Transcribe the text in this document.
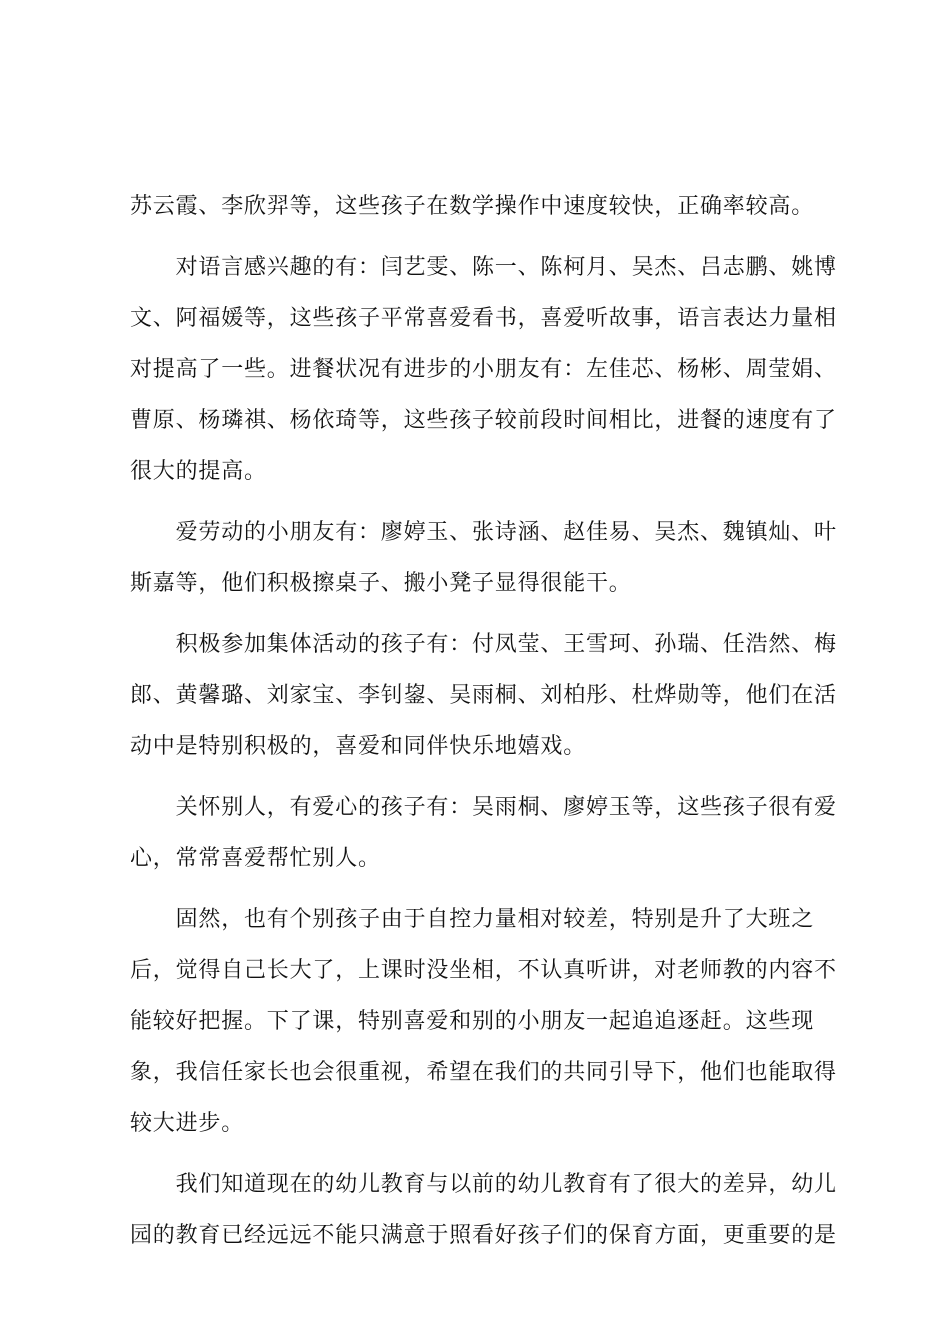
苏云霞、李欣羿等，这些孩子在数学操作中速度较快，正确率较高。
　　对语言感兴趣的有：闫艺雯、陈一、陈柯月、吴杰、吕志鹏、姚博
文、阿福媛等，这些孩子平常喜爱看书，喜爱听故事，语言表达力量相
对提高了一些。进餐状况有进步的小朋友有：左佳芯、杨彬、周莹娟、
曹原、杨璘祺、杨依琦等，这些孩子较前段时间相比，进餐的速度有了
很大的提高。
　　爱劳动的小朋友有：廖婷玉、张诗涵、赵佳易、吴杰、魏镇灿、叶
斯嘉等，他们积极擦桌子、搬小凳子显得很能干。
　　积极参加集体活动的孩子有：付凤莹、王雪珂、孙瑞、任浩然、梅
郎、黄馨璐、刘家宝、李钊鋆、吴雨桐、刘柏彤、杜烨勋等，他们在活
动中是特别积极的，喜爱和同伴快乐地嬉戏。
　　关怀别人，有爱心的孩子有：吴雨桐、廖婷玉等，这些孩子很有爱
心，常常喜爱帮忙别人。
　　固然，也有个别孩子由于自控力量相对较差，特别是升了大班之
后，觉得自己长大了，上课时没坐相，不认真听讲，对老师教的内容不
能较好把握。下了课，特别喜爱和别的小朋友一起追追逐赶。这些现
象，我信任家长也会很重视，希望在我们的共同引导下，他们也能取得
较大进步。
　　我们知道现在的幼儿教育与以前的幼儿教育有了很大的差异，幼儿
园的教育已经远远不能只满意于照看好孩子们的保育方面，更重要的是
